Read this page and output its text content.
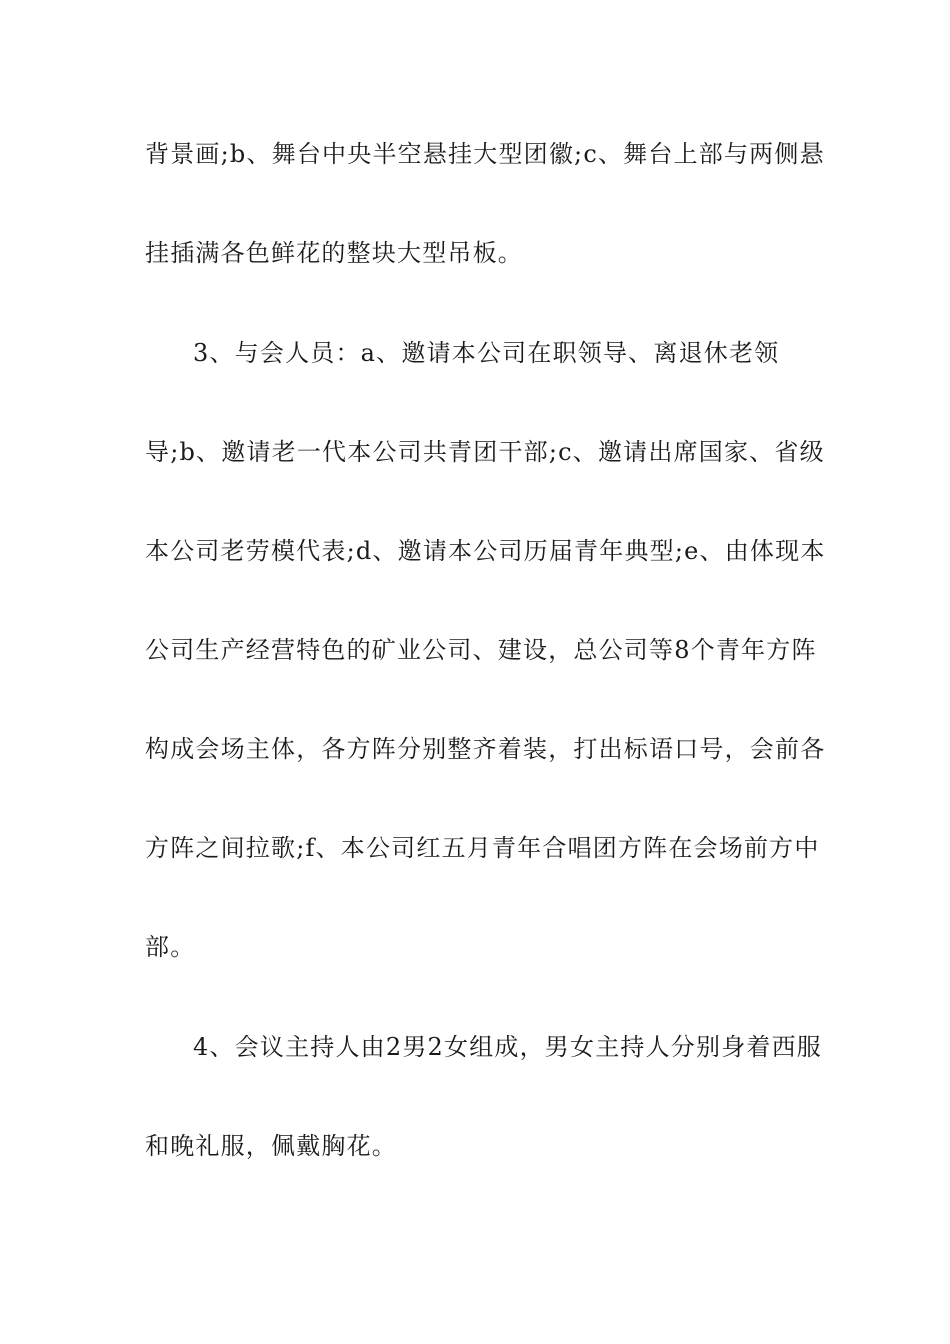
背景画;b、舞台中央半空悬挂大型团徽;c、舞台上部与两侧悬
挂插满各色鲜花的整块大型吊板。
3、与会人员：a、邀请本公司在职领导、离退休老领
导;b、邀请老一代本公司共青团干部;c、邀请出席国家、省级
本公司老劳模代表;d、邀请本公司历届青年典型;e、由体现本
公司生产经营特色的矿业公司、建设，总公司等8个青年方阵
构成会场主体，各方阵分别整齐着装，打出标语口号，会前各
方阵之间拉歌;f、本公司红五月青年合唱团方阵在会场前方中
部。
4、会议主持人由2男2女组成，男女主持人分别身着西服
和晚礼服，佩戴胸花。
